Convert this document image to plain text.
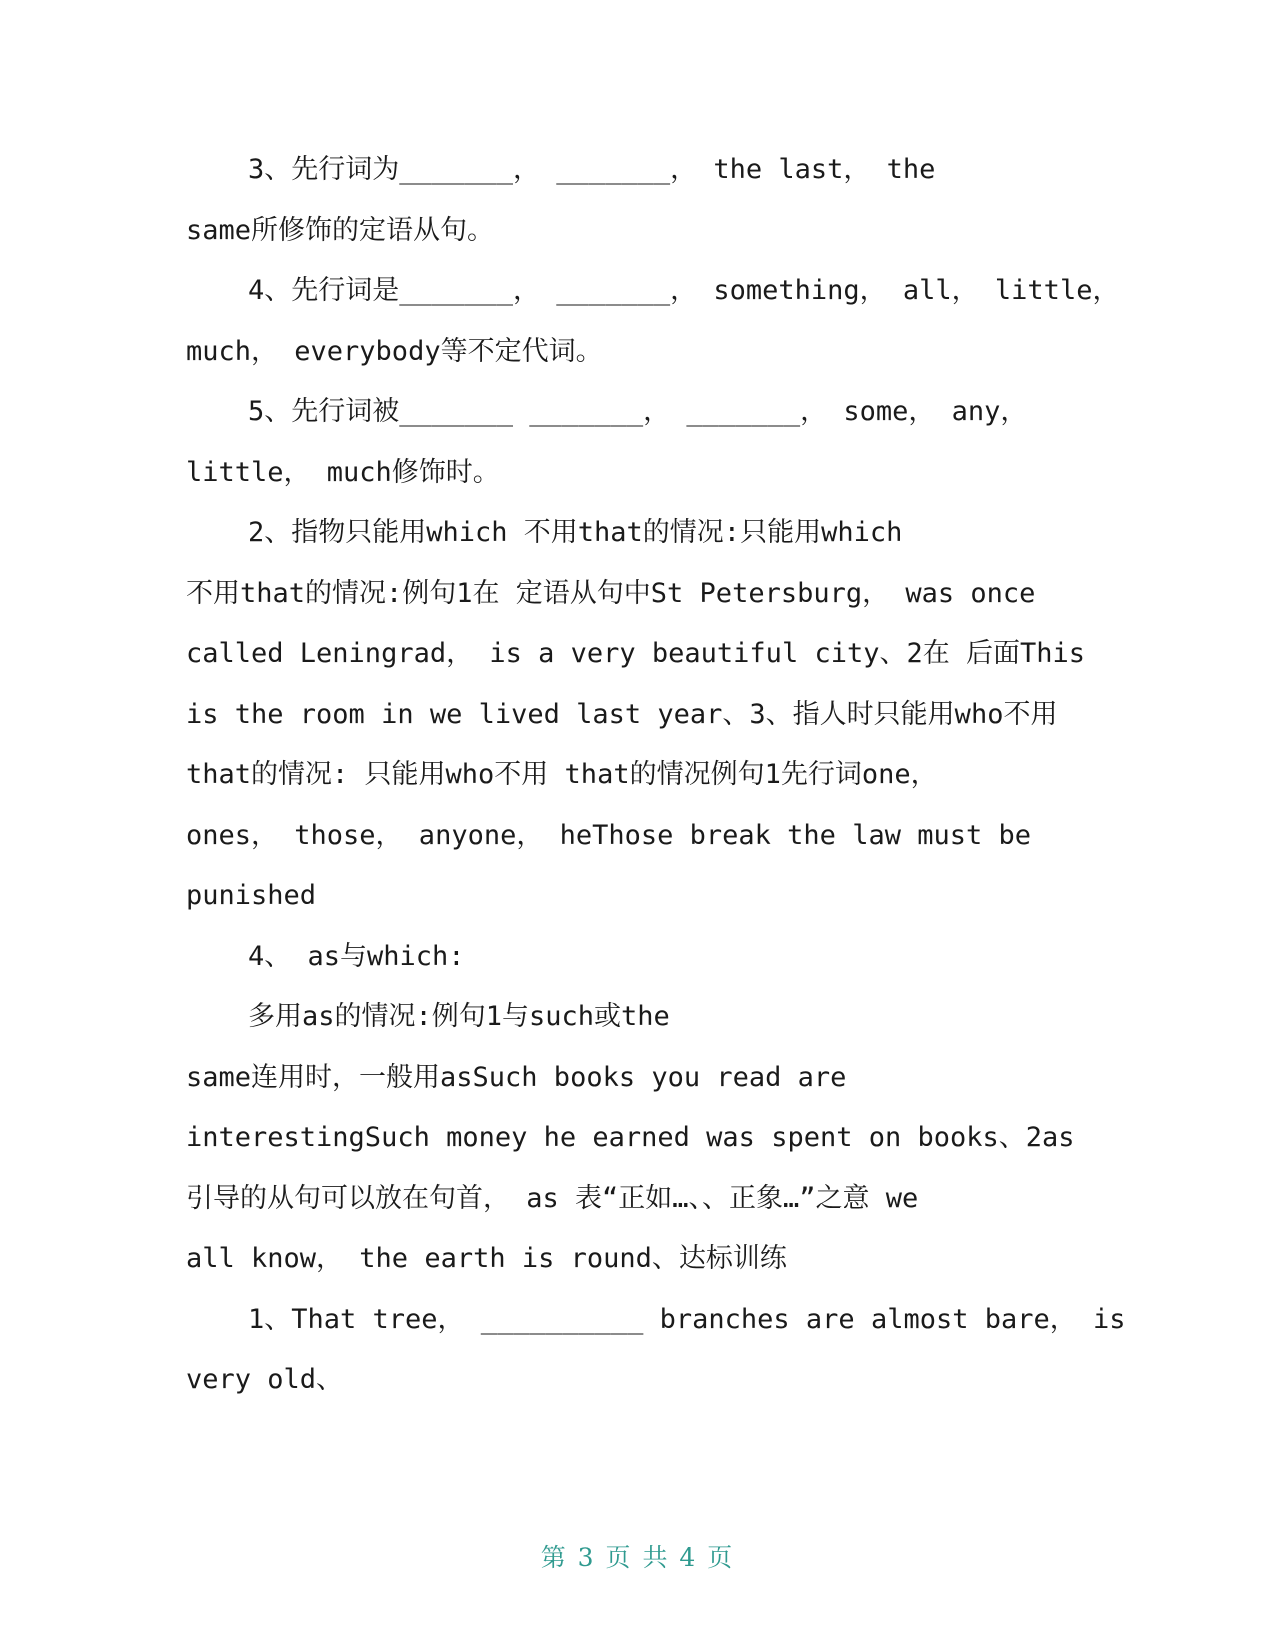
3、先行词为_______， _______， the last， the
same所修饰的定语从句。
4、先行词是_______， _______， something， all， little，
much， everybody等不定代词。
5、先行词被_______ _______， _______， some， any，
little， much修饰时。
2、指物只能用which 不用that的情况:只能用which
不用that的情况:例句1在 定语从句中St Petersburg， was once
called Leningrad， is a very beautiful city、2在 后面This
is the room in we lived last year、3、指人时只能用who不用
that的情况: 只能用who不用 that的情况例句1先行词one，
ones， those， anyone， heThose break the law must be
punished
4、 as与which:
多用as的情况:例句1与such或the
same连用时，一般用asSuch books you read are
interestingSuch money he earned was spent on books、2as
引导的从句可以放在句首， as 表“正如…、、正象…”之意 we
all know， the earth is round、达标训练
1、That tree， __________ branches are almost bare， is
very old、
第 3 页 共 4 页
